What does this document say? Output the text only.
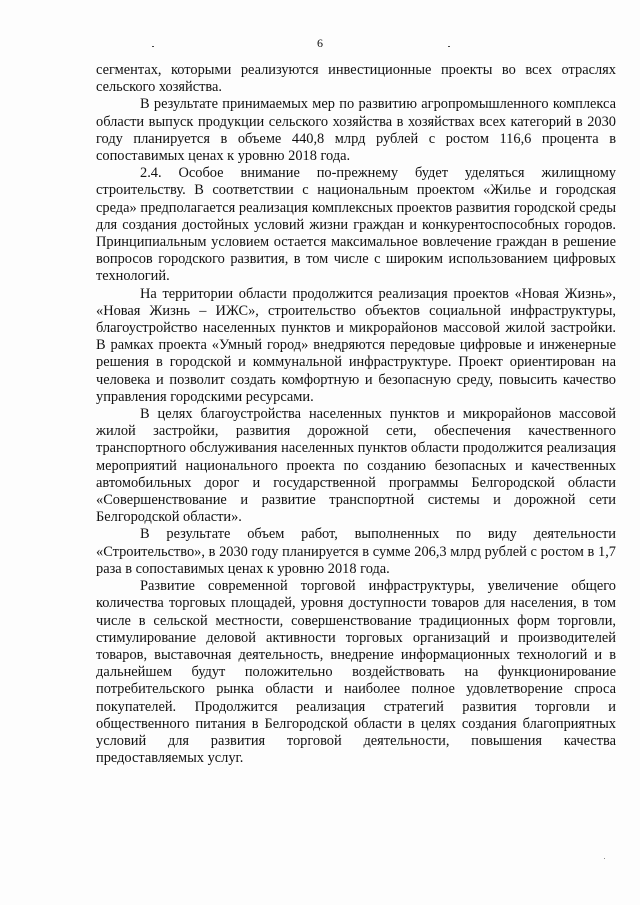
6

сегментах, которыми реализуются инвестиционные проекты во всех отраслях сельского хозяйства.

В результате принимаемых мер по развитию агропромышленного комплекса области выпуск продукции сельского хозяйства в хозяйствах всех категорий в 2030 году планируется в объеме 440,8 млрд рублей с ростом 116,6 процента в сопоставимых ценах к уровню 2018 года.

2.4. Особое внимание по-прежнему будет уделяться жилищному строительству. В соответствии с национальным проектом «Жилье и городская среда» предполагается реализация комплексных проектов развития городской среды для создания достойных условий жизни граждан и конкурентоспособных городов. Принципиальным условием остается максимальное вовлечение граждан в решение вопросов городского развития, в том числе с широким использованием цифровых технологий.

На территории области продолжится реализация проектов «Новая Жизнь», «Новая Жизнь – ИЖС», строительство объектов социальной инфраструктуры, благоустройство населенных пунктов и микрорайонов массовой жилой застройки. В рамках проекта «Умный город» внедряются передовые цифровые и инженерные решения в городской и коммунальной инфраструктуре. Проект ориентирован на человека и позволит создать комфортную и безопасную среду, повысить качество управления городскими ресурсами.

В целях благоустройства населенных пунктов и микрорайонов массовой жилой застройки, развития дорожной сети, обеспечения качественного транспортного обслуживания населенных пунктов области продолжится реализация мероприятий национального проекта по созданию безопасных и качественных автомобильных дорог и государственной программы Белгородской области «Совершенствование и развитие транспортной системы и дорожной сети Белгородской области».

В результате объем работ, выполненных по виду деятельности «Строительство», в 2030 году планируется в сумме 206,3 млрд рублей с ростом в 1,7 раза в сопоставимых ценах к уровню 2018 года.

Развитие современной торговой инфраструктуры, увеличение общего количества торговых площадей, уровня доступности товаров для населения, в том числе в сельской местности, совершенствование традиционных форм торговли, стимулирование деловой активности торговых организаций и производителей товаров, выставочная деятельность, внедрение информационных технологий и в дальнейшем будут положительно воздействовать на функционирование потребительского рынка области и наиболее полное удовлетворение спроса покупателей. Продолжится реализация стратегий развития торговли и общественного питания в Белгородской области в целях создания благоприятных условий для развития торговой деятельности, повышения качества предоставляемых услуг.
